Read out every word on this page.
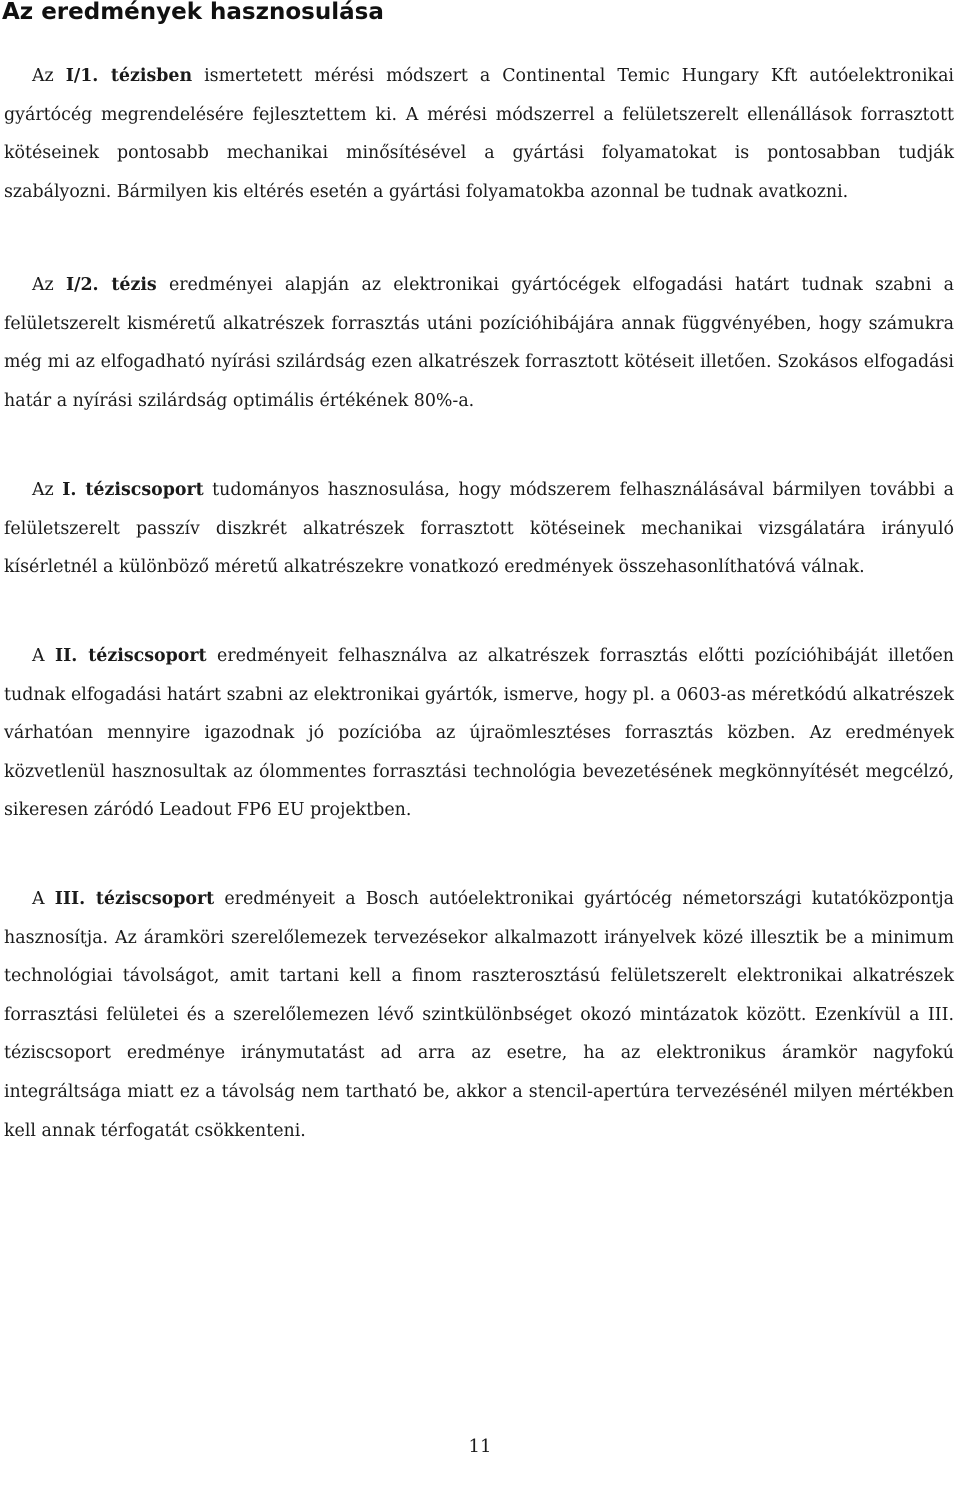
Az eredmények hasznosulása

Az I/1. tézisben ismertetett mérési módszert a Continental Temic Hungary Kft autóelektronikai gyártócég megrendelésére fejlesztettem ki. A mérési módszerrel a felületszerelt ellenállások forrasztott kötéseinek pontosabb mechanikai minősítésével a gyártási folyamatokat is pontosabban tudják szabályozni. Bármilyen kis eltérés esetén a gyártási folyamatokba azonnal be tudnak avatkozni.

Az I/2. tézis eredményei alapján az elektronikai gyártócégek elfogadási határt tudnak szabni a felületszerelt kisméretű alkatrészek forrasztás utáni pozícióhibájára annak függvényében, hogy számukra még mi az elfogadható nyírási szilárdság ezen alkatrészek forrasztott kötéseit illetően. Szokásos elfogadási határ a nyírási szilárdság optimális értékének 80%-a.

Az I. téziscsoport tudományos hasznosulása, hogy módszerem felhasználásával bármilyen további a felületszerelt passzív diszkrét alkatrészek forrasztott kötéseinek mechanikai vizsgálatára irányuló kísérletnél a különböző méretű alkatrészekre vonatkozó eredmények összehasonlíthatóvá válnak.

A II. téziscsoport eredményeit felhasználva az alkatrészek forrasztás előtti pozícióhibáját illetően tudnak elfogadási határt szabni az elektronikai gyártók, ismerve, hogy pl. a 0603-as méretkódú alkatrészek várhatóan mennyire igazodnak jó pozícióba az újraömlesztéses forrasztás közben. Az eredmények közvetlenül hasznosultak az ólommentes forrasztási technológia bevezetésének megkönnyítését megcélzó, sikeresen záródó Leadout FP6 EU projektben.

A III. téziscsoport eredményeit a Bosch autóelektronikai gyártócég németországi kutatóközpontja hasznosítja. Az áramköri szerelőlemezek tervezésekor alkalmazott irányelvek közé illesztik be a minimum technológiai távolságot, amit tartani kell a finom raszterosztású felületszerelt elektronikai alkatrészek forrasztási felületei és a szerelőlemezen lévő szintkülönbséget okozó mintázatok között. Ezenkívül a III. téziscsoport eredménye iránymutatást ad arra az esetre, ha az elektronikus áramkör nagyfokú integráltsága miatt ez a távolság nem tartható be, akkor a stencil-apertúra tervezésénél milyen mértékben kell annak térfogatát csökkenteni.

11
